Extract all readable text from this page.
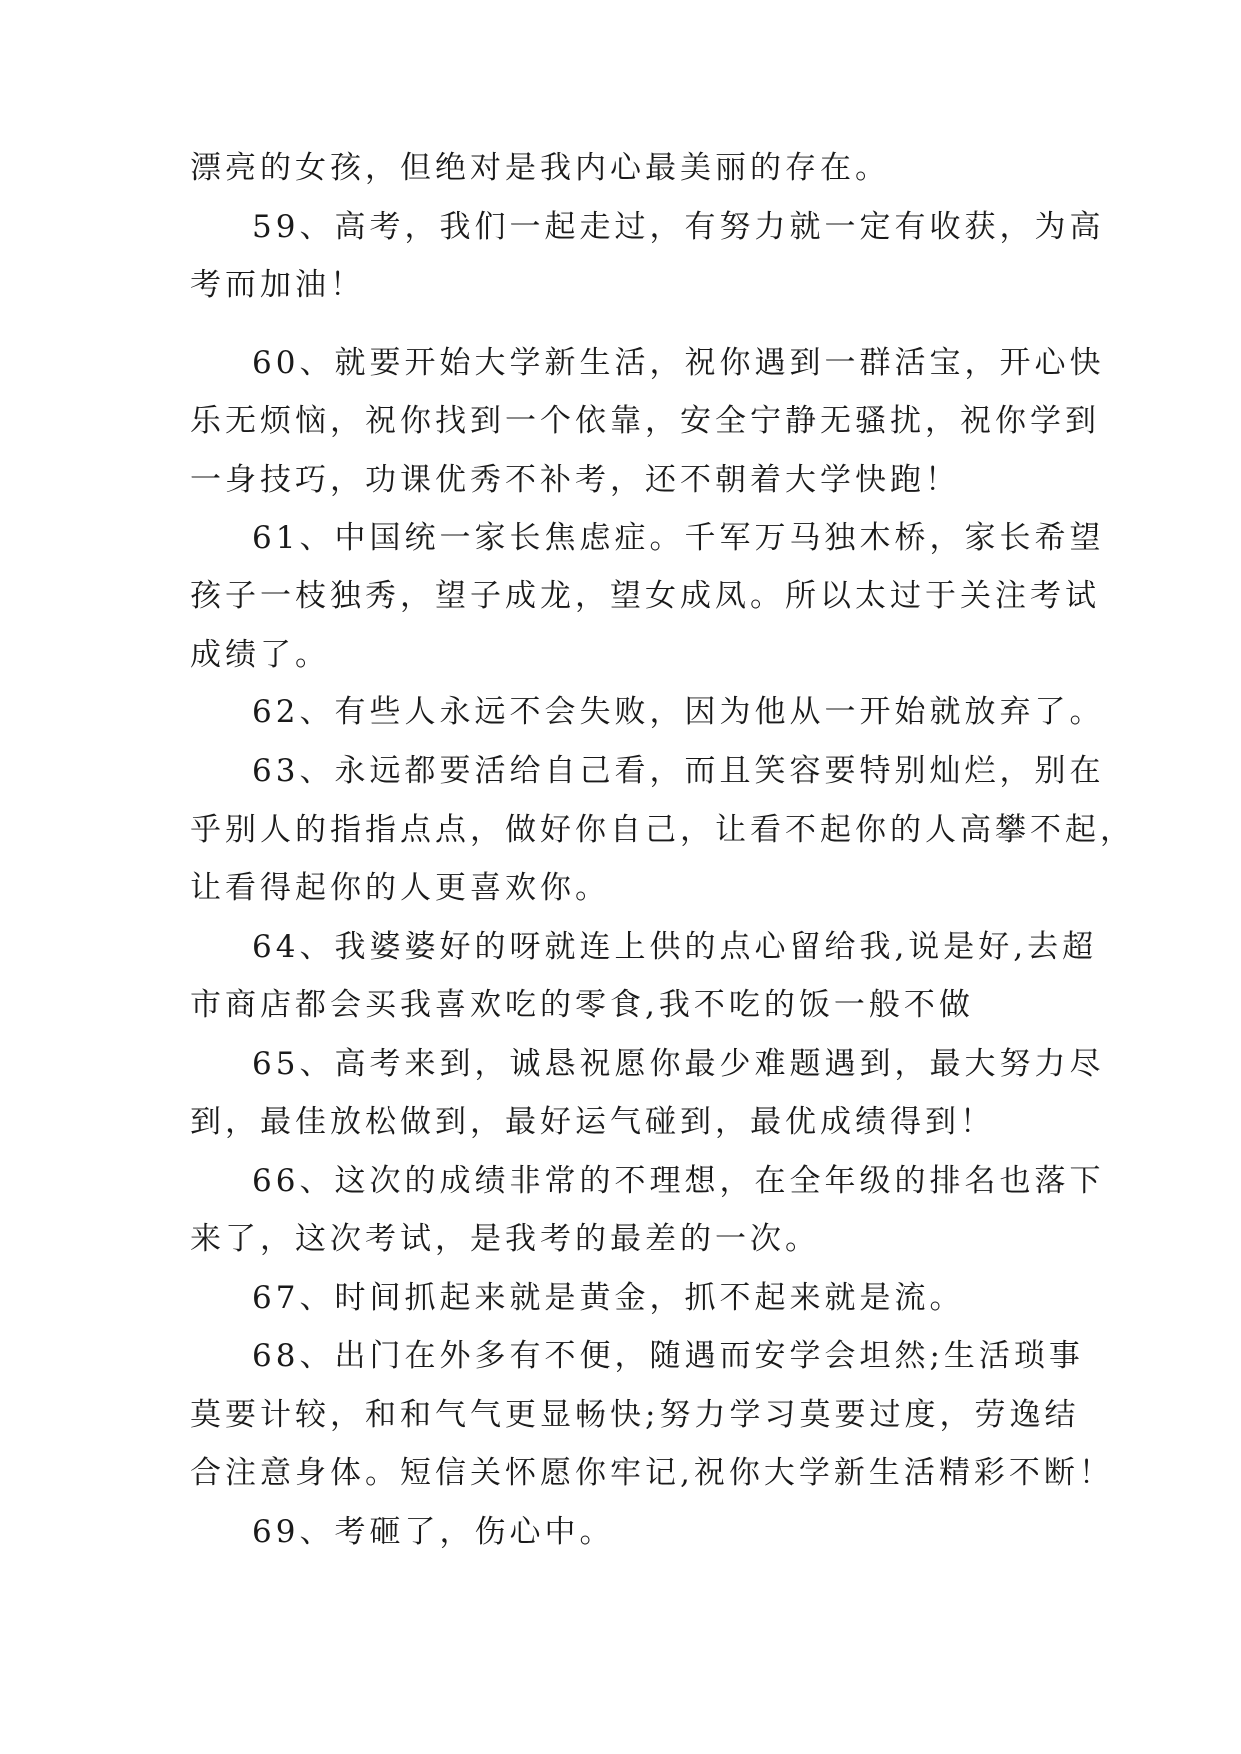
漂亮的女孩，但绝对是我内心最美丽的存在。
59、高考，我们一起走过，有努力就一定有收获，为高
考而加油！
60、就要开始大学新生活，祝你遇到一群活宝，开心快
乐无烦恼，祝你找到一个依靠，安全宁静无骚扰，祝你学到
一身技巧，功课优秀不补考，还不朝着大学快跑！
61、中国统一家长焦虑症。千军万马独木桥，家长希望
孩子一枝独秀，望子成龙，望女成凤。所以太过于关注考试
成绩了。
62、有些人永远不会失败，因为他从一开始就放弃了。
63、永远都要活给自己看，而且笑容要特别灿烂，别在
乎别人的指指点点，做好你自己，让看不起你的人高攀不起，
让看得起你的人更喜欢你。
64、我婆婆好的呀就连上供的点心留给我,说是好,去超
市商店都会买我喜欢吃的零食,我不吃的饭一般不做
65、高考来到，诚恳祝愿你最少难题遇到，最大努力尽
到，最佳放松做到，最好运气碰到，最优成绩得到！
66、这次的成绩非常的不理想，在全年级的排名也落下
来了，这次考试，是我考的最差的一次。
67、时间抓起来就是黄金，抓不起来就是流。
68、出门在外多有不便，随遇而安学会坦然;生活琐事
莫要计较，和和气气更显畅快;努力学习莫要过度，劳逸结
合注意身体。短信关怀愿你牢记,祝你大学新生活精彩不断！
69、考砸了，伤心中。
